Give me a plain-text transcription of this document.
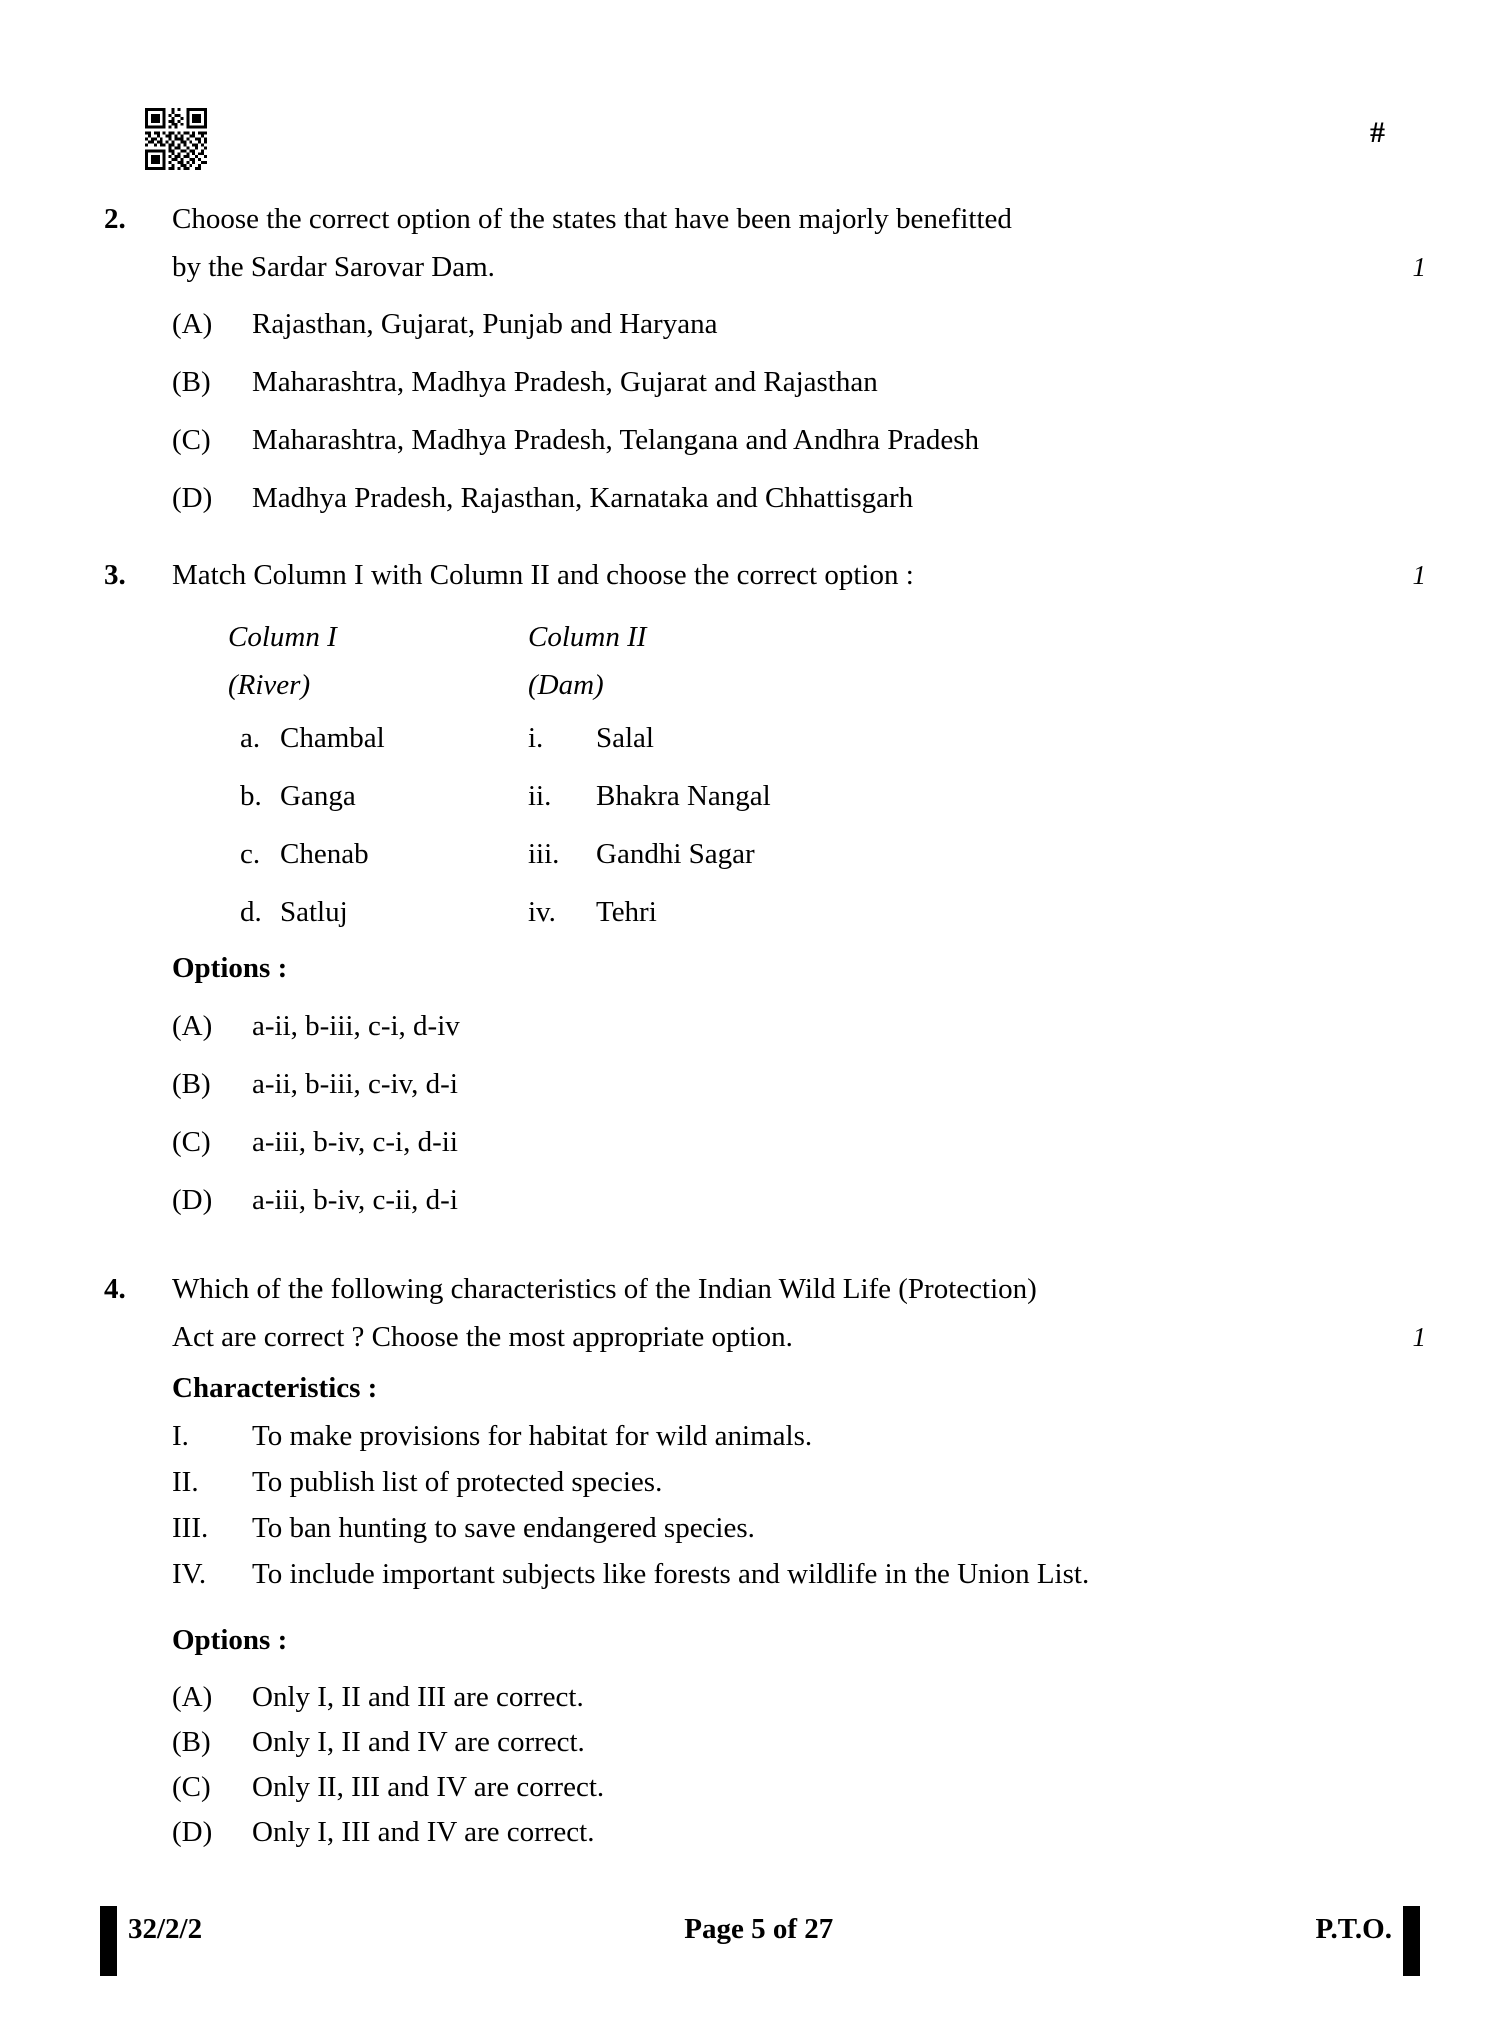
#
2.	Choose the correct option of the states that have been majorly benefitted

by the Sardar Sarovar Dam.	1
(A)	Rajasthan, Gujarat, Punjab and Haryana
(B)	Maharashtra, Madhya Pradesh, Gujarat and Rajasthan
(C)	Maharashtra, Madhya Pradesh, Telangana and Andhra Pradesh
(D)	Madhya Pradesh, Rajasthan, Karnataka and Chhattisgarh
3.	Match Column I with Column II and choose the correct option :	1
Column I	Column II
(River)	(Dam)
a. Chambal	i.	Salal
b. Ganga	ii.	Bhakra Nangal
c. Chenab	iii.	Gandhi Sagar
d. Satluj	iv.	Tehri
Options :
(A)	a-ii, b-iii, c-i, d-iv
(B)	a-ii, b-iii, c-iv, d-i
(C)	a-iii, b-iv, c-i, d-ii
(D)	a-iii, b-iv, c-ii, d-i
4.	Which of the following characteristics of the Indian Wild Life (Protection)

Act are correct ? Choose the most appropriate option.	1
Characteristics :
I.	To make provisions for habitat for wild animals.
II.	To publish list of protected species.
III.	To ban hunting to save endangered species.
IV.	To include important subjects like forests and wildlife in the Union List.
Options :
(A)	Only I, II and III are correct.
(B)	Only I, II and IV are correct.
(C)	Only II, III and IV are correct.
(D)	Only I, III and IV are correct.
32/2/2	Page 5 of 27	P.T.O.
